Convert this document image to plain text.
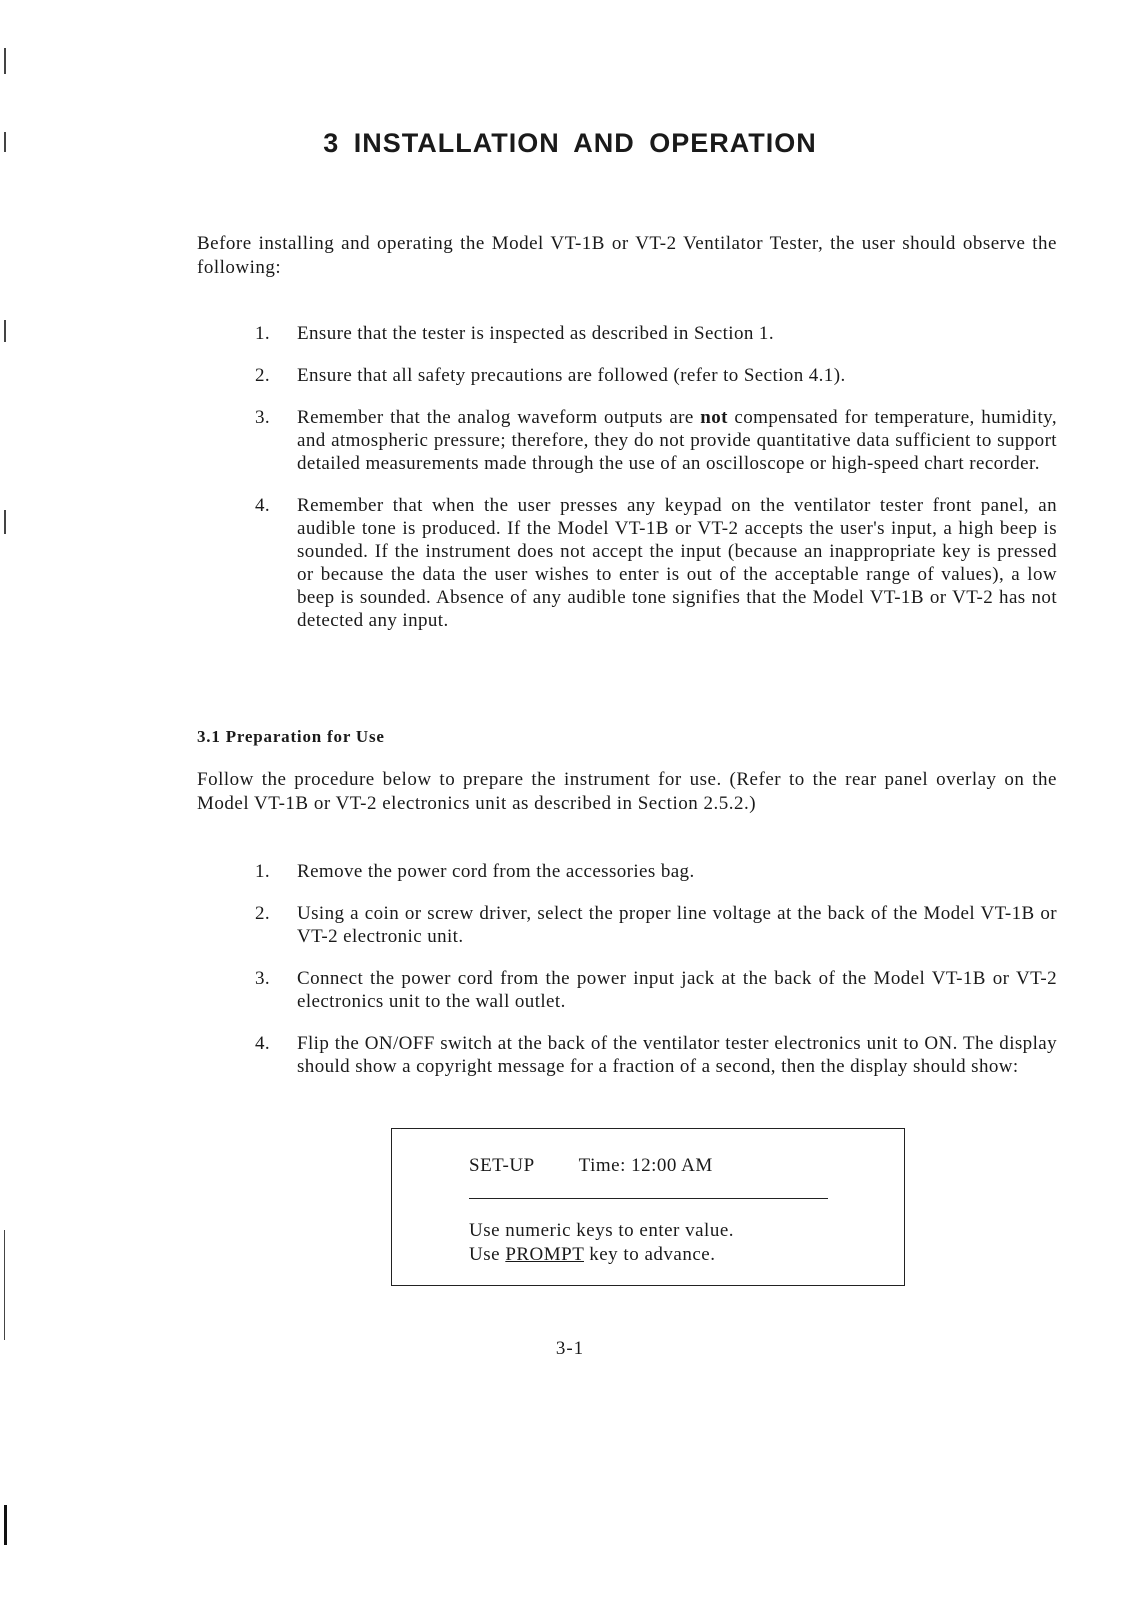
3 INSTALLATION AND OPERATION

Before installing and operating the Model VT-1B or VT-2 Ventilator Tester, the user should observe the following:

1. Ensure that the tester is inspected as described in Section 1.
2. Ensure that all safety precautions are followed (refer to Section 4.1).
3. Remember that the analog waveform outputs are not compensated for temperature, humidity, and atmospheric pressure; therefore, they do not provide quantitative data sufficient to support detailed measurements made through the use of an oscilloscope or high-speed chart recorder.
4. Remember that when the user presses any keypad on the ventilator tester front panel, an audible tone is produced. If the Model VT-1B or VT-2 accepts the user's input, a high beep is sounded. If the instrument does not accept the input (because an inappropriate key is pressed or because the data the user wishes to enter is out of the acceptable range of values), a low beep is sounded. Absence of any audible tone signifies that the Model VT-1B or VT-2 has not detected any input.
3.1 Preparation for Use

Follow the procedure below to prepare the instrument for use. (Refer to the rear panel overlay on the Model VT-1B or VT-2 electronics unit as described in Section 2.5.2.)

1. Remove the power cord from the accessories bag.
2. Using a coin or screw driver, select the proper line voltage at the back of the Model VT-1B or VT-2 electronic unit.
3. Connect the power cord from the power input jack at the back of the Model VT-1B or VT-2 electronics unit to the wall outlet.
4. Flip the ON/OFF switch at the back of the ventilator tester electronics unit to ON. The display should show a copyright message for a fraction of a second, then the display should show:
SET-UP Time: 12:00 AM
Use numeric keys to enter value.
Use PROMPT key to advance.
3-1
